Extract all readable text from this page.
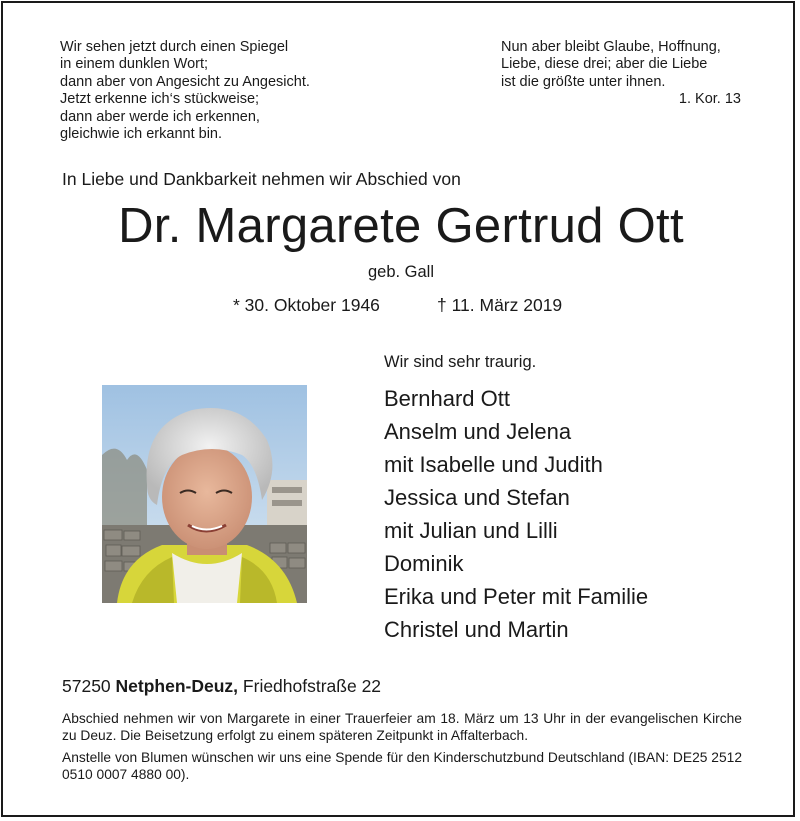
Wir sehen jetzt durch einen Spiegel
in einem dunklen Wort;
dann aber von Angesicht zu Angesicht.
Jetzt erkenne ich‘s stückweise;
dann aber werde ich erkennen,
gleichwie ich erkannt bin.
Nun aber bleibt Glaube, Hoffnung,
Liebe, diese drei; aber die Liebe
ist die größte unter ihnen.
1. Kor. 13
In Liebe und Dankbarkeit nehmen wir Abschied von
Dr. Margarete Gertrud Ott
geb. Gall
* 30. Oktober 1946	† 11. März 2019
Wir sind sehr traurig.
Bernhard Ott
Anselm und Jelena
mit Isabelle und Judith
Jessica und Stefan
mit Julian und Lilli
Dominik
Erika und Peter mit Familie
Christel und Martin
57250 Netphen-Deuz, Friedhofstraße 22

Abschied nehmen wir von Margarete in einer Trauerfeier am 18. März um 13 Uhr in der evangelischen Kirche zu Deuz. Die Beisetzung erfolgt zu einem späteren Zeitpunkt in Affalterbach.

Anstelle von Blumen wünschen wir uns eine Spende für den Kinderschutzbund Deutschland (IBAN: DE25 2512 0510 0007 4880 00).
